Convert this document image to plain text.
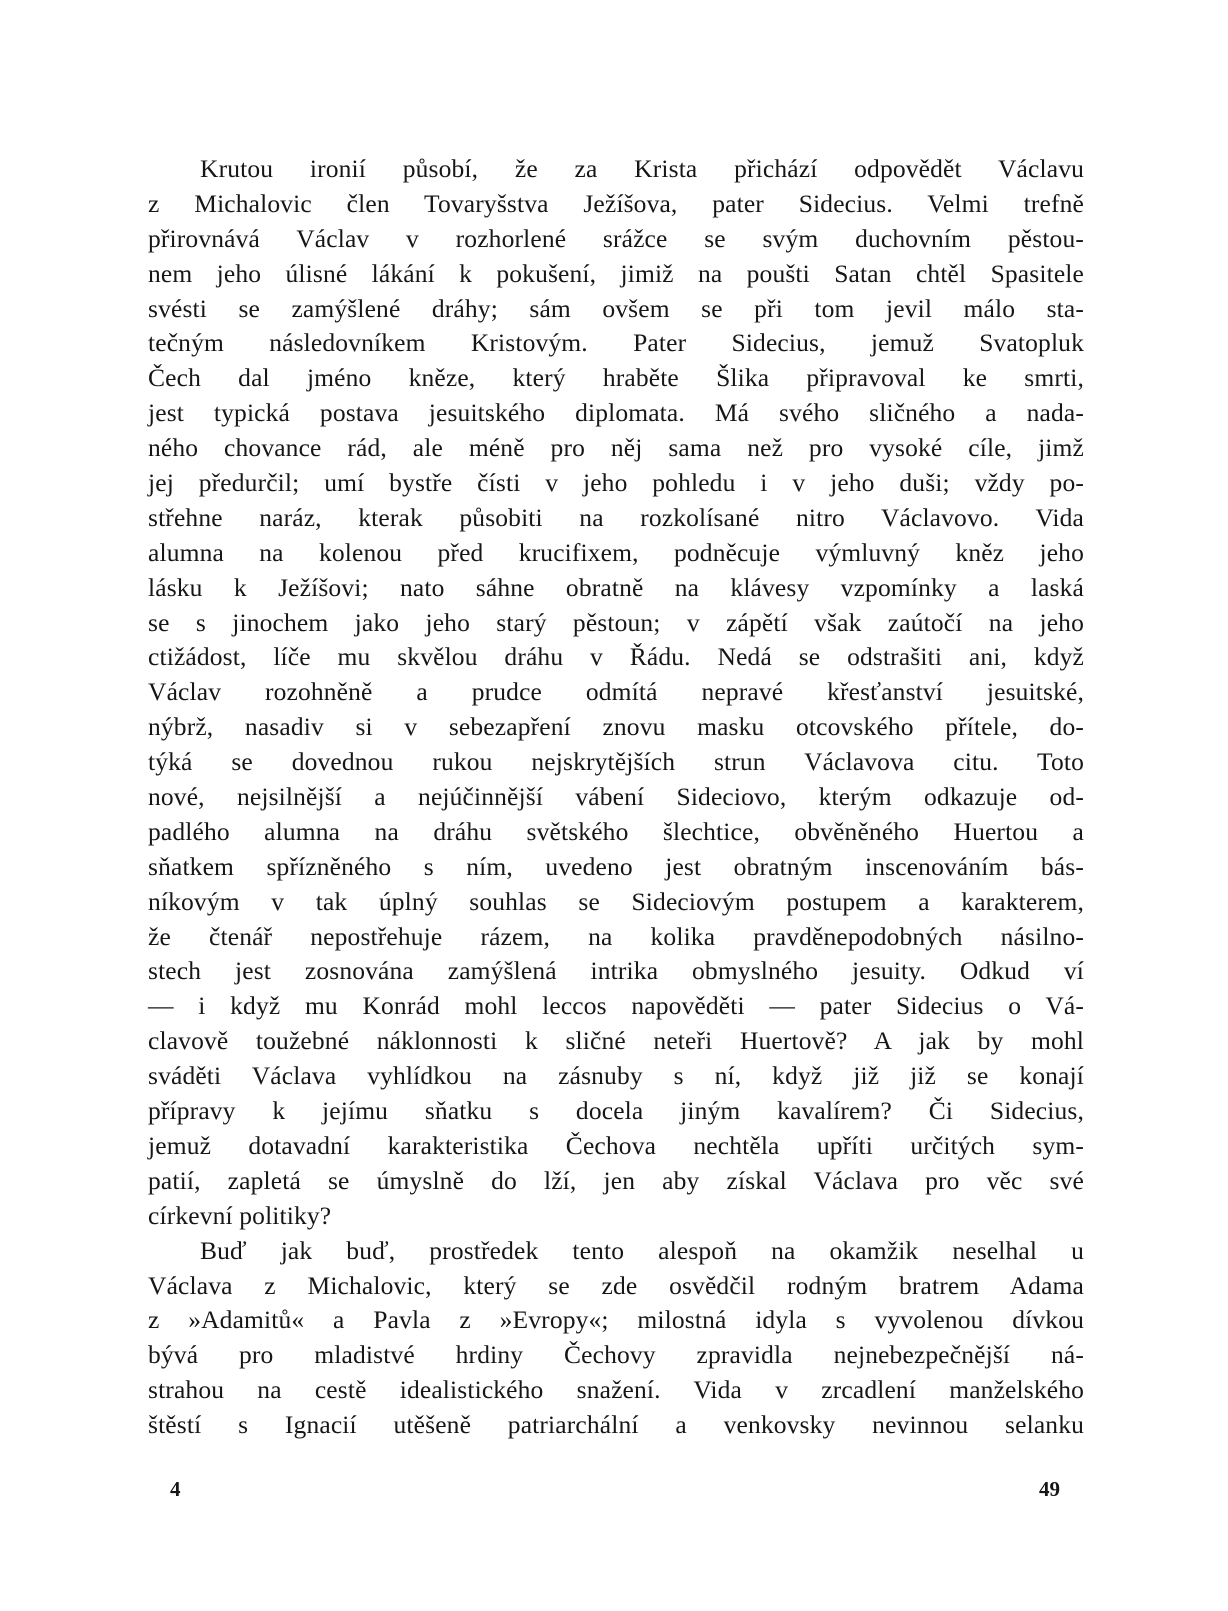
Krutou ironií působí, že za Krista přichází odpovědět Václavu
z Michalovic člen Tovaryšstva Ježíšova, pater Sidecius. Velmi trefně
přirovnává Václav v rozhorlené srážce se svým duchovním pěstou-
nem jeho úlisné lákání k pokušení, jimiž na poušti Satan chtěl Spasitele
svésti se zamýšlené dráhy; sám ovšem se při tom jevil málo sta-
tečným následovníkem Kristovým. Pater Sidecius, jemuž Svatopluk
Čech dal jméno kněze, který hraběte Šlika připravoval ke smrti,
jest typická postava jesuitského diplomata. Má svého sličného a nada-
ného chovance rád, ale méně pro něj sama než pro vysoké cíle, jimž
jej předurčil; umí bystře čísti v jeho pohledu i v jeho duši; vždy po-
střehne naráz, kterak působiti na rozkolísané nitro Václavovo. Vida
alumna na kolenou před krucifixem, podněcuje výmluvný kněz jeho
lásku k Ježíšovi; nato sáhne obratně na klávesy vzpomínky a laská
se s jinochem jako jeho starý pěstoun; v zápětí však zaútočí na jeho
ctižádost, líče mu skvělou dráhu v Řádu. Nedá se odstrašiti ani, když
Václav rozohněně a prudce odmítá nepravé křesťanství jesuitské,
nýbrž, nasadiv si v sebezapření znovu masku otcovského přítele, do-
týká se dovednou rukou nejskrytějších strun Václavova citu. Toto
nové, nejsilnější a nejúčinnější vábení Sideciovo, kterým odkazuje od-
padlého alumna na dráhu světského šlechtice, obvěněného Huertou a
sňatkem spřízněného s ním, uvedeno jest obratným inscenováním bás-
níkovým v tak úplný souhlas se Sideciovým postupem a karakterem,
že čtenář nepostřehuje rázem, na kolika pravděnepodobných násilno-
stech jest zosnována zamýšlená intrika obmyslného jesuity. Odkud ví
— i když mu Konrád mohl leccos napověděti — pater Sidecius o Vá-
clavově toužebné náklonnosti k sličné neteři Huertově? A jak by mohl
sváděti Václava vyhlídkou na zásnuby s ní, když již již se konají
přípravy k jejímu sňatku s docela jiným kavalírem? Či Sidecius,
jemuž dotavadní karakteristika Čechova nechtěla upříti určitých sym-
patií, zapletá se úmyslně do lží, jen aby získal Václava pro věc své
církevní politiky?
Buď jak buď, prostředek tento alespoň na okamžik neselhal u
Václava z Michalovic, který se zde osvědčil rodným bratrem Adama
z »Adamitů« a Pavla z »Evropy«; milostná idyla s vyvolenou dívkou
bývá pro mladistvé hrdiny Čechovy zpravidla nejnebezpečnější ná-
strahou na cestě idealistického snažení. Vida v zrcadlení manželského
štěstí s Ignacií utěšeně patriarchální a venkovsky nevinnou selanku
4	49
